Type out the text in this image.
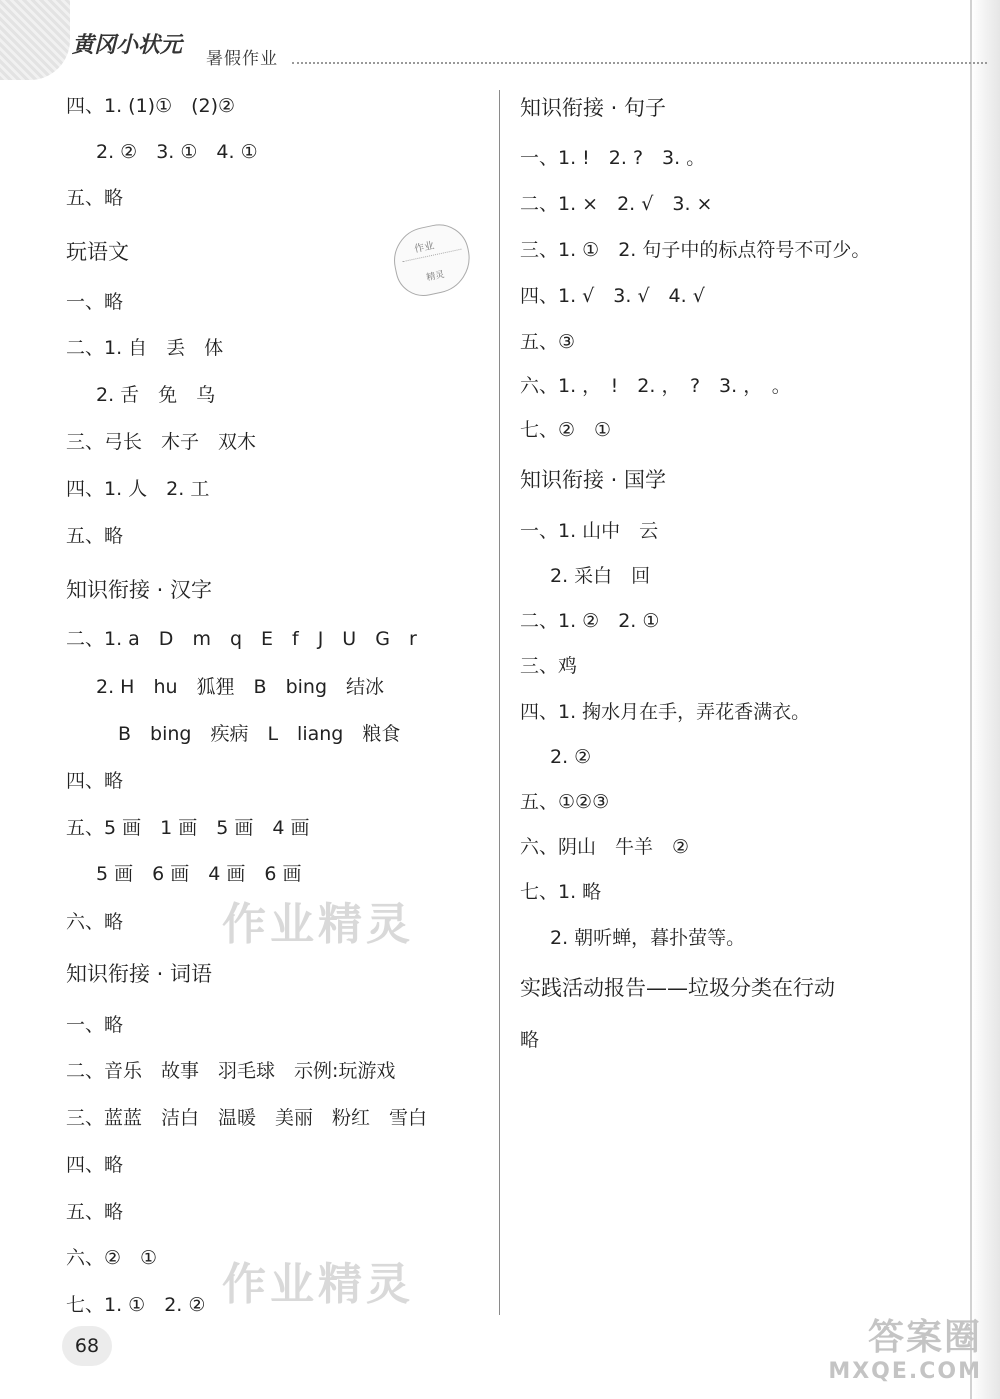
黄冈小状元
暑假作业
四、1. (1)①　(2)②
2. ②　3. ①　4. ①
五、略
玩语文
一、略
二、1. 自　丢　体
2. 舌　免　乌
三、弓长　木子　双木
四、1. 人　2. 工
五、略
知识衔接 · 汉字
二、1. a　D　m　q　E　f　J　U　G　r
2. H　hu　狐狸　B　bing　结冰
B　bing　疾病　L　liang　粮食
四、略
五、5 画　1 画　5 画　4 画
5 画　6 画　4 画　6 画
六、略
知识衔接 · 词语
一、略
二、音乐　故事　羽毛球　示例:玩游戏
三、蓝蓝　洁白　温暖　美丽　粉红　雪白
四、略
五、略
六、②　①
七、1. ①　2. ②
知识衔接 · 句子
一、1. !　2. ?　3. 。
二、1. ×　2. √　3. ×
三、1. ①　2. 句子中的标点符号不可少。
四、1. √　3. √　4. √
五、③
六、1. ，　!　2. ，　?　3. ，　。
七、②　①
知识衔接 · 国学
一、1. 山中　云
2. 采白　回
二、1. ②　2. ①
三、鸡
四、1. 掬水月在手，弄花香满衣。
2. ②
五、①②③
六、阴山　牛羊　②
七、1. 略
2. 朝听蝉，暮扑萤等。
实践活动报告——垃圾分类在行动
略
作业
精灵
作业精灵
作业精灵
68	答案圈
MXQE.COM
